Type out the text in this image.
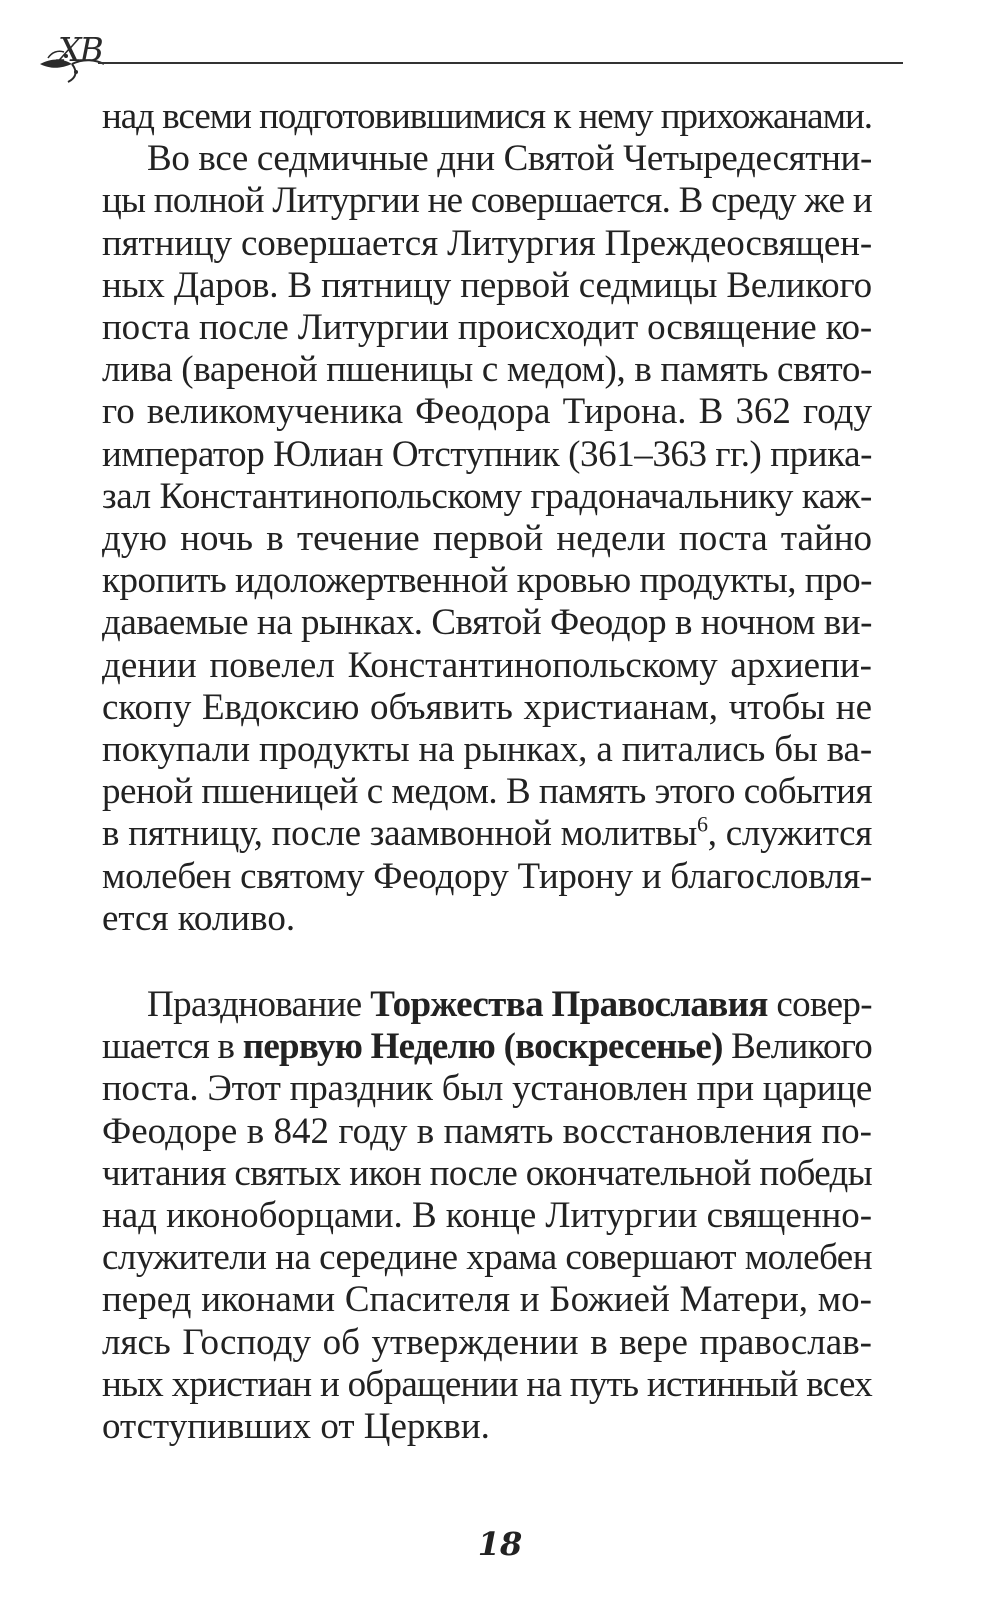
ХВ

над всеми подготовившимися к нему прихожанами.

Во все седмичные дни Святой Четыредесятни-

цы полной Литургии не совершается. В среду же и

пятницу совершается Литургия Преждеосвящен-

ных Даров. В пятницу первой седмицы Великого

поста после Литургии происходит освящение ко-

лива (вареной пшеницы с медом), в память свято-

го великомученика Феодора Тирона. В 362 году

император Юлиан Отступник (361–363 гг.) прика-

зал Константинопольскому градоначальнику каж-

дую ночь в течение первой недели поста тайно

кропить идоложертвенной кровью продукты, про-

даваемые на рынках. Святой Феодор в ночном ви-

дении повелел Константинопольскому архиепи-

скопу Евдоксию объявить христианам, чтобы не

покупали продукты на рынках, а питались бы ва-

реной пшеницей с медом. В память этого события

в пятницу, после заамвонной молитвы$^6$, служится

молебен святому Феодору Тирону и благословля-

ется коливо.

Празднование Торжества Православия совер-

шается в первую Неделю (воскресенье) Великого

поста. Этот праздник был установлен при царице

Феодоре в 842 году в память восстановления по-

читания святых икон после окончательной победы

над иконоборцами. В конце Литургии священно-

служители на середине храма совершают молебен

перед иконами Спасителя и Божией Матери, мо-

лясь Господу об утверждении в вере православ-

ных христиан и обращении на путь истинный всех

отступивших от Церкви.

18
